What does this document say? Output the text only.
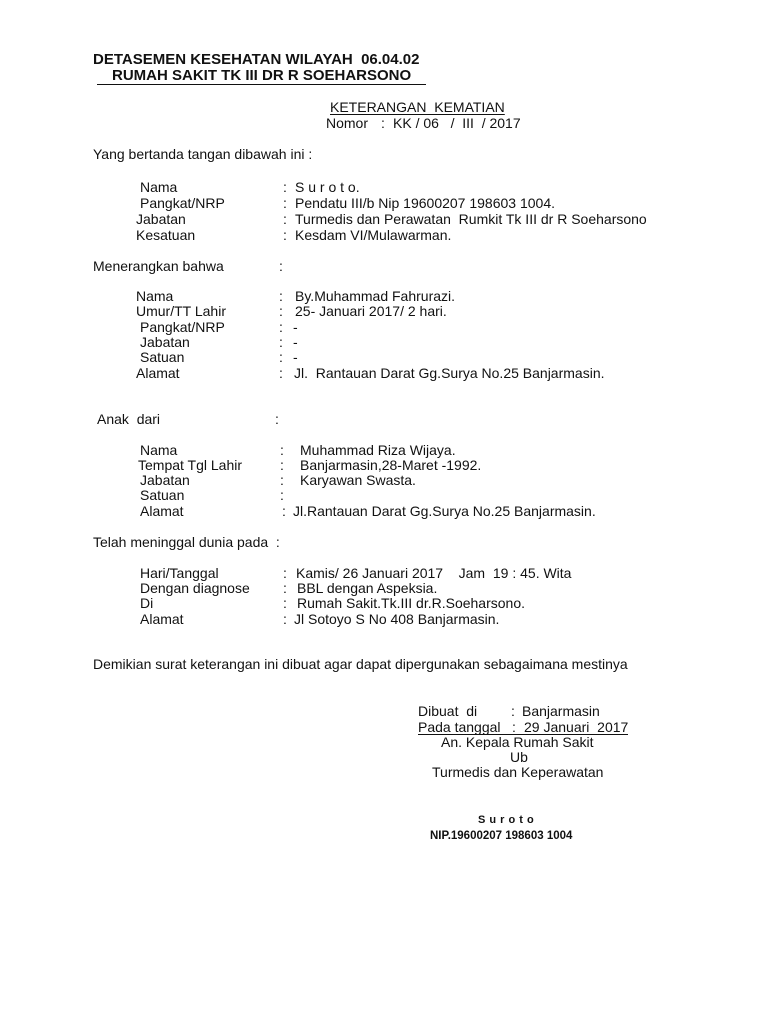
DETASEMEN KESEHATAN WILAYAH  06.04.02
RUMAH SAKIT TK III DR R SOEHARSONO
KETERANGAN  KEMATIAN
Nomor : KK / 06   /  III  / 2017
Yang bertanda tangan dibawah ini :
Nama	: S u r o t o.
Pangkat/NRP	: Pendatu III/b Nip 19600207 198603 1004.
Jabatan	: Turmedis dan Perawatan  Rumkit Tk III dr R Soeharsono
Kesatuan	: Kesdam VI/Mulawarman.
Menerangkan bahwa	:
Nama	: By.Muhammad Fahrurazi.
Umur/TT Lahir	: 25- Januari 2017/ 2 hari.
Pangkat/NRP	: -
Jabatan	: -
Satuan	: -
Alamat	: Jl.  Rantauan Darat Gg.Surya No.25 Banjarmasin.
Anak  dari	:
Nama	: Muhammad Riza Wijaya.
Tempat Tgl Lahir	: Banjarmasin,28-Maret -1992.
Jabatan	: Karyawan Swasta.
Satuan	:
Alamat	: Jl.Rantauan Darat Gg.Surya No.25 Banjarmasin.
Telah meninggal dunia pada  :
Hari/Tanggal	: Kamis/ 26 Januari 2017    Jam  19 : 45. Wita
Dengan diagnose : BBL dengan Aspeksia.
Di	: Rumah Sakit.Tk.III dr.R.Soeharsono.
Alamat	: Jl Sotoyo S No 408 Banjarmasin.
Demikian surat keterangan ini dibuat agar dapat dipergunakan sebagaimana mestinya
Dibuat  di : Banjarmasin
Pada tanggal : 29 Januari  2017
An. Kepala Rumah Sakit
Ub
Turmedis dan Keperawatan
S u r o t o
NIP.19600207 198603 1004
